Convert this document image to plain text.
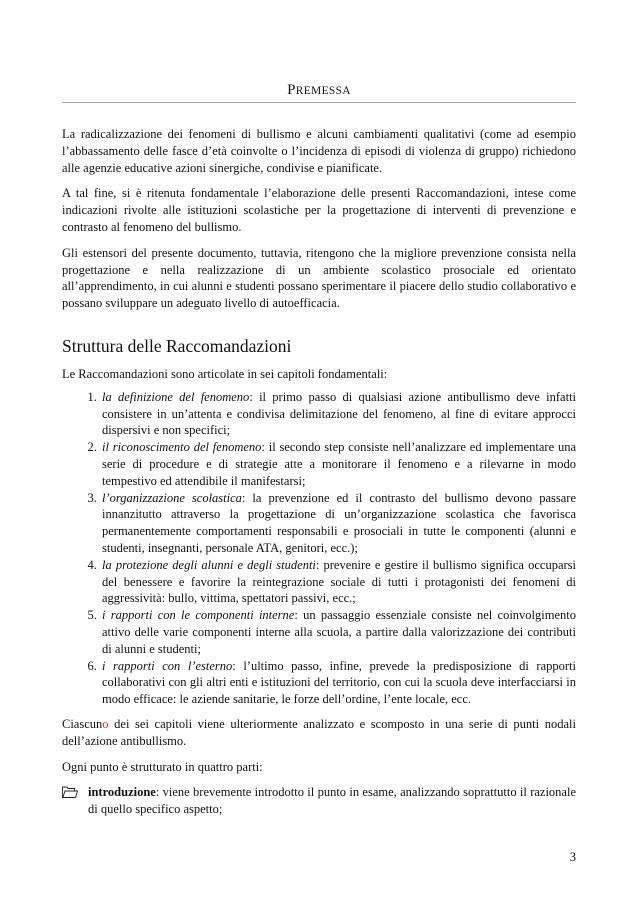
PREMESSA

La radicalizzazione dei fenomeni di bullismo e alcuni cambiamenti qualitativi (come ad esempio l’abbassamento delle fasce d’età coinvolte o l’incidenza di episodi di violenza di gruppo) richiedono alle agenzie educative azioni sinergiche, condivise e pianificate.

A tal fine, si è ritenuta fondamentale l’elaborazione delle presenti Raccomandazioni, intese come indicazioni rivolte alle istituzioni scolastiche per la progettazione di interventi di prevenzione e contrasto al fenomeno del bullismo.

Gli estensori del presente documento, tuttavia, ritengono che la migliore prevenzione consista nella progettazione e nella realizzazione di un ambiente scolastico prosociale ed orientato all’apprendimento, in cui alunni e studenti possano sperimentare il piacere dello studio collaborativo e possano sviluppare un adeguato livello di autoefficacia.

Struttura delle Raccomandazioni

Le Raccomandazioni sono articolate in sei capitoli fondamentali:

1. la definizione del fenomeno: il primo passo di qualsiasi azione antibullismo deve infatti consistere in un’attenta e condivisa delimitazione del fenomeno, al fine di evitare approcci dispersivi e non specifici;
2. il riconoscimento del fenomeno: il secondo step consiste nell’analizzare ed implementare una serie di procedure e di strategie atte a monitorare il fenomeno e a rilevarne in modo tempestivo ed attendibile il manifestarsi;
3. l’organizzazione scolastica: la prevenzione ed il contrasto del bullismo devono passare innanzitutto attraverso la progettazione di un’organizzazione scolastica che favorisca permanentemente comportamenti responsabili e prosociali in tutte le componenti (alunni e studenti, insegnanti, personale ATA, genitori, ecc.);
4. la protezione degli alunni e degli studenti: prevenire e gestire il bullismo significa occuparsi del benessere e favorire la reintegrazione sociale di tutti i protagonisti dei fenomeni di aggressività: bullo, vittima, spettatori passivi, ecc.;
5. i rapporti con le componenti interne: un passaggio essenziale consiste nel coinvolgimento attivo delle varie componenti interne alla scuola, a partire dalla valorizzazione dei contributi di alunni e studenti;
6. i rapporti con l’esterno: l’ultimo passo, infine, prevede la predisposizione di rapporti collaborativi con gli altri enti e istituzioni del territorio, con cui la scuola deve interfacciarsi in modo efficace: le aziende sanitarie, le forze dell’ordine, l’ente locale, ecc.

Ciascuno dei sei capitoli viene ulteriormente analizzato e scomposto in una serie di punti nodali dell’azione antibullismo.

Ogni punto è strutturato in quattro parti:

introduzione: viene brevemente introdotto il punto in esame, analizzando soprattutto il razionale di quello specifico aspetto;
3
